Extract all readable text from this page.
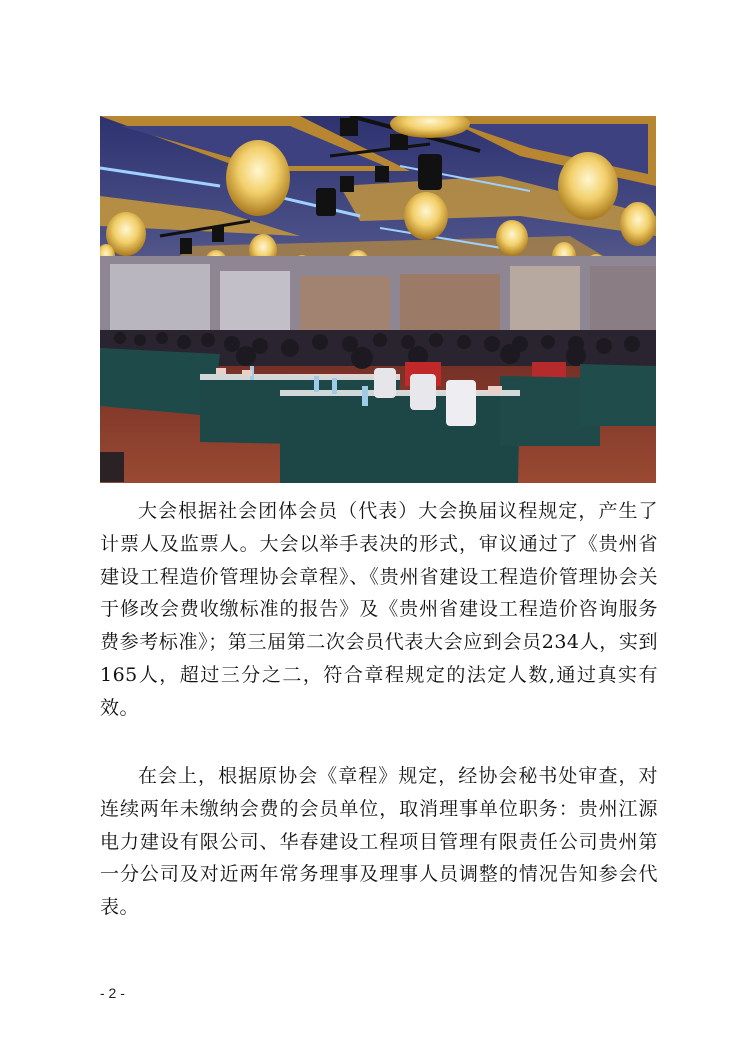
大会根据社会团体会员（代表）大会换届议程规定，产生了计票人及监票人。大会以举手表决的形式，审议通过了《贵州省建设工程造价管理协会章程》、《贵州省建设工程造价管理协会关于修改会费收缴标准的报告》及《贵州省建设工程造价咨询服务费参考标准》；第三届第二次会员代表大会应到会员234人，实到165人，超过三分之二，符合章程规定的法定人数,通过真实有效。

在会上，根据原协会《章程》规定，经协会秘书处审查，对连续两年未缴纳会费的会员单位，取消理事单位职务：贵州江源电力建设有限公司、华春建设工程项目管理有限责任公司贵州第一分公司及对近两年常务理事及理事人员调整的情况告知参会代表。

- 2 -
